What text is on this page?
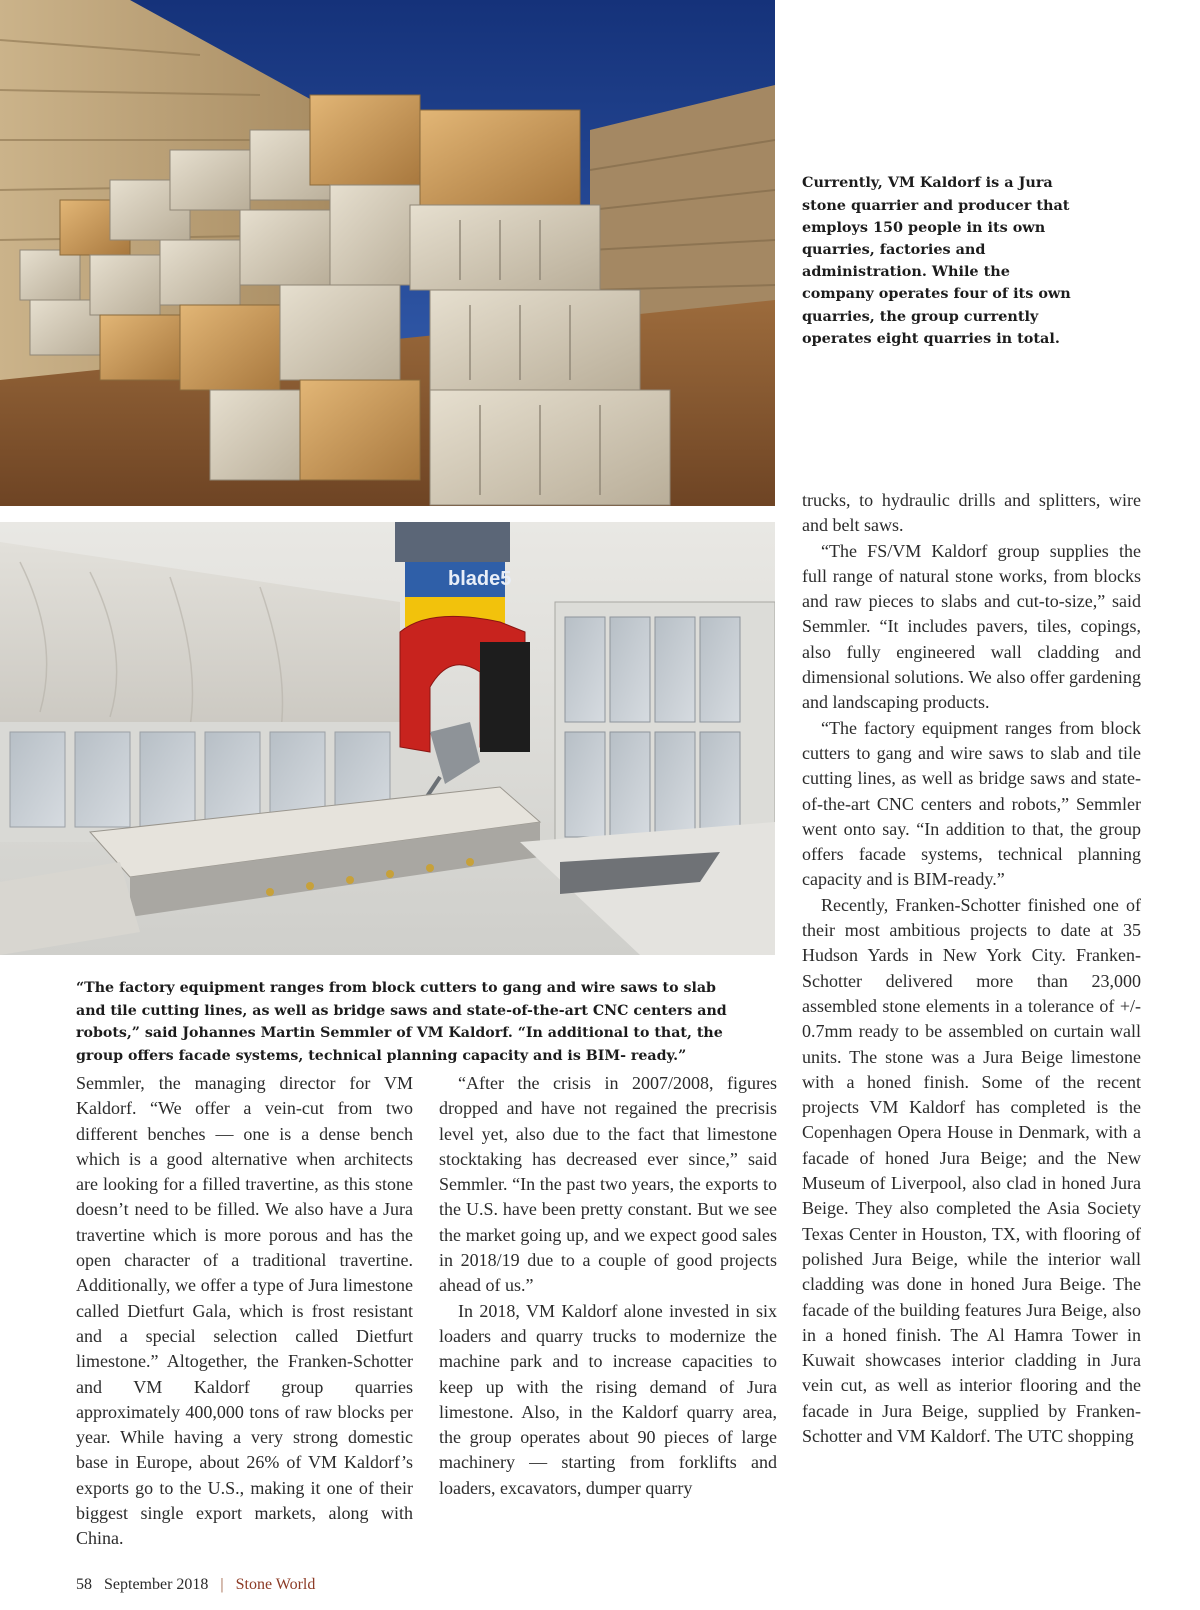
Currently, VM Kaldorf is a Jura stone quarrier and producer that employs 150 people in its own quarries, factories and administration. While the company operates four of its own quarries, the group currently operates eight quarries in total.

blade5

“The factory equipment ranges from block cutters to gang and wire saws to slab and tile cutting lines, as well as bridge saws and state-of-the-art CNC centers and robots,” said Johannes Martin Semmler of VM Kaldorf. “In additional to that, the group offers facade systems, technical planning capacity and is BIM- ready.”

Semmler, the managing director for VM Kaldorf. “We offer a vein-cut from two different benches — one is a dense bench which is a good alternative when architects are looking for a filled travertine, as this stone doesn’t need to be filled. We also have a Jura travertine which is more porous and has the open character of a traditional travertine. Additionally, we offer a type of Jura limestone called Dietfurt Gala, which is frost resistant and a special selection called Dietfurt limestone.” Altogether, the Franken-Schotter and VM Kaldorf group quarries approximately 400,000 tons of raw blocks per year. While having a very strong domestic base in Europe, about 26% of VM Kaldorf’s exports go to the U.S., making it one of their biggest single export markets, along with China.

“After the crisis in 2007/2008, figures dropped and have not regained the precrisis level yet, also due to the fact that limestone stocktaking has decreased ever since,” said Semmler. “In the past two years, the exports to the U.S. have been pretty constant. But we see the market going up, and we expect good sales in 2018/19 due to a couple of good projects ahead of us.”

In 2018, VM Kaldorf alone invested in six loaders and quarry trucks to modernize the machine park and to increase capacities to keep up with the rising demand of Jura limestone. Also, in the Kaldorf quarry area, the group operates about 90 pieces of large machinery — starting from forklifts and loaders, excavators, dumper quarry

trucks, to hydraulic drills and splitters, wire and belt saws.

“The FS/VM Kaldorf group supplies the full range of natural stone works, from blocks and raw pieces to slabs and cut-to-size,” said Semmler. “It includes pavers, tiles, copings, also fully engineered wall cladding and dimensional solutions. We also offer gardening and landscaping products.

“The factory equipment ranges from block cutters to gang and wire saws to slab and tile cutting lines, as well as bridge saws and state-of-the-art CNC centers and robots,” Semmler went onto say. “In addition to that, the group offers facade systems, technical planning capacity and is BIM-ready.”

Recently, Franken-Schotter finished one of their most ambitious projects to date at 35 Hudson Yards in New York City. Franken-Schotter delivered more than 23,000 assembled stone elements in a tolerance of +/- 0.7mm ready to be assembled on curtain wall units. The stone was a Jura Beige limestone with a honed finish. Some of the recent projects VM Kaldorf has completed is the Copenhagen Opera House in Denmark, with a facade of honed Jura Beige; and the New Museum of Liverpool, also clad in honed Jura Beige. They also completed the Asia Society Texas Center in Houston, TX, with flooring of polished Jura Beige, while the interior wall cladding was done in honed Jura Beige. The facade of the building features Jura Beige, also in a honed finish. The Al Hamra Tower in Kuwait showcases interior cladding in Jura vein cut, as well as interior flooring and the facade in Jura Beige, supplied by Franken-Schotter and VM Kaldorf. The UTC shopping

58 September 2018 | Stone World
